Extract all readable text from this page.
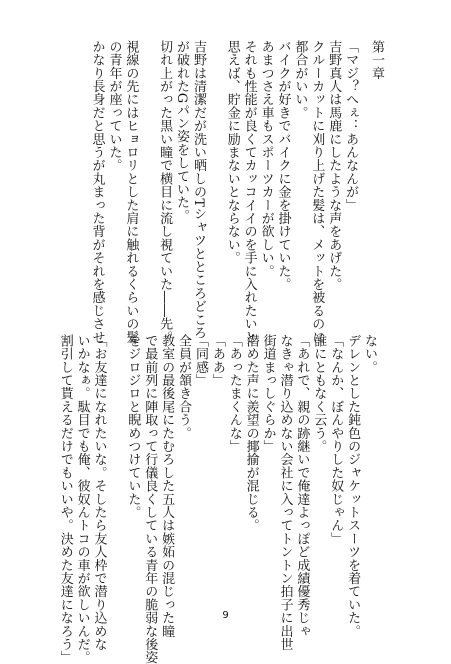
第一章
「マジ？へぇ：あんなんが」
吉野真人は馬鹿にしたような声をあげた。
クルーカットに刈り上げた髪は、メットを被るのに
都合がいい。
バイクが好きでバイクに金を掛けていた。
あまつさえ車もスポーツカーが欲しい。
それも性能が良くてカッコイイのを手に入れたいと
思えば、貯金に励まないとならない。
吉野は清潔だが洗い晒しのTシャツとところどころ
が破れたGパン姿をしていた。
切れ上がった黒い瞳で横目に流し視ていた――先。
視線の先にはヒョロリとした肩に触れるくらいの髪
の青年が座っていた。
かなり長身だと思うが丸まった背がそれを感じさせ
ない。
デレンとした鈍色のジャケットスーツを着ていた。
「なんか、ぼんやりした奴じゃん」
誰にともなく云う。
「あれで、親の跡継いで俺達よっぽど成績優秀じゃ
なきゃ潜り込めない会社に入ってトントン拍子に出世
街道まっしぐらか」
潜めた声に羨望の揶揄が混じる。
「あったまくんな」
「ああ」
「同感」
全員が頷き合う。
教室の最後尾にたむろした五人は嫉妬の混じった瞳
で最前列に陣取って行儀良くしている青年の脆弱な後姿
をジロジロと睨めつけていた。
「お友達になれたいな。そしたら友人枠で潜り込めな
いかなぁ。駄目でも俺、彼奴んトコの車が欲しいんだ。
割引して貰えるだけでもいいや。決めた友達になろう」	9
